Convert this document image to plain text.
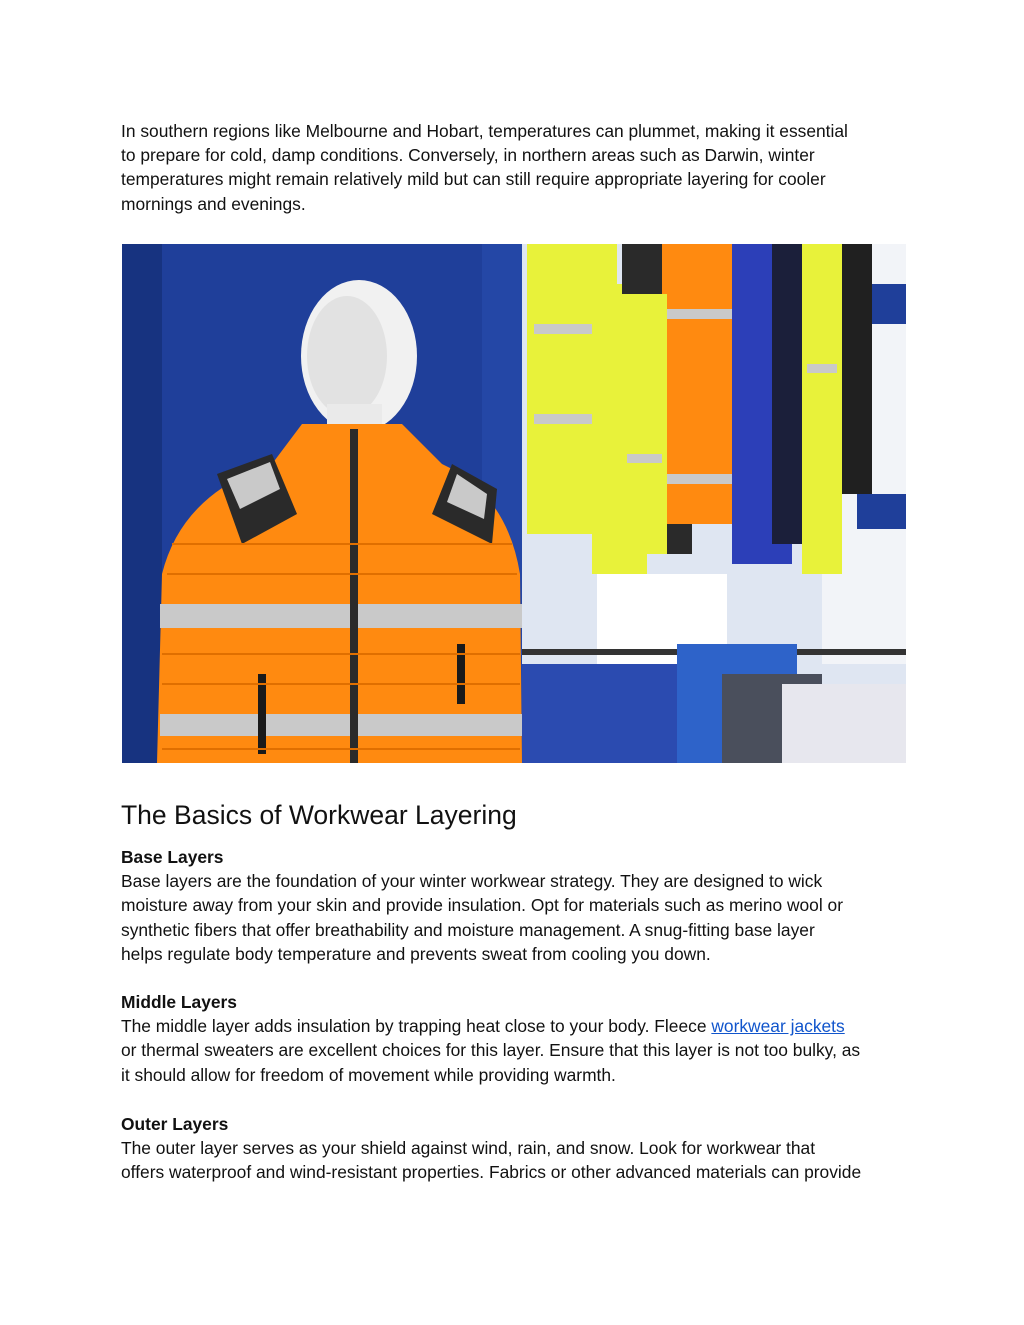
In southern regions like Melbourne and Hobart, temperatures can plummet, making it essential
to prepare for cold, damp conditions. Conversely, in northern areas such as Darwin, winter
temperatures might remain relatively mild but can still require appropriate layering for cooler
mornings and evenings.

The Basics of Workwear Layering
Base Layers

Base layers are the foundation of your winter workwear strategy. They are designed to wick
moisture away from your skin and provide insulation. Opt for materials such as merino wool or
synthetic fibers that offer breathability and moisture management. A snug-fitting base layer
helps regulate body temperature and prevents sweat from cooling you down.

Middle Layers

The middle layer adds insulation by trapping heat close to your body. Fleece workwear jackets
or thermal sweaters are excellent choices for this layer. Ensure that this layer is not too bulky, as
it should allow for freedom of movement while providing warmth.

Outer Layers

The outer layer serves as your shield against wind, rain, and snow. Look for workwear that
offers waterproof and wind-resistant properties. Fabrics or other advanced materials can provide
